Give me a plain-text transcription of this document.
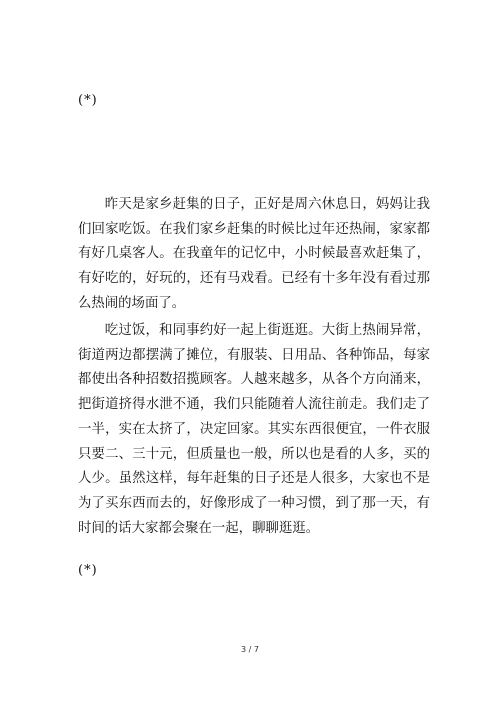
(*)

昨天是家乡赶集的日子，正好是周六休息日，妈妈让我们回家吃饭。在我们家乡赶集的时候比过年还热闹，家家都有好几桌客人。在我童年的记忆中，小时候最喜欢赶集了，有好吃的，好玩的，还有马戏看。已经有十多年没有看过那么热闹的场面了。

吃过饭，和同事约好一起上街逛逛。大街上热闹异常，街道两边都摆满了摊位，有服装、日用品、各种饰品，每家都使出各种招数招揽顾客。人越来越多，从各个方向涌来，把街道挤得水泄不通，我们只能随着人流往前走。我们走了一半，实在太挤了，决定回家。其实东西很便宜，一件衣服只要二、三十元，但质量也一般，所以也是看的人多，买的人少。虽然这样，每年赶集的日子还是人很多，大家也不是为了买东西而去的，好像形成了一种习惯，到了那一天，有时间的话大家都会聚在一起，聊聊逛逛。

(*)
3 / 7
